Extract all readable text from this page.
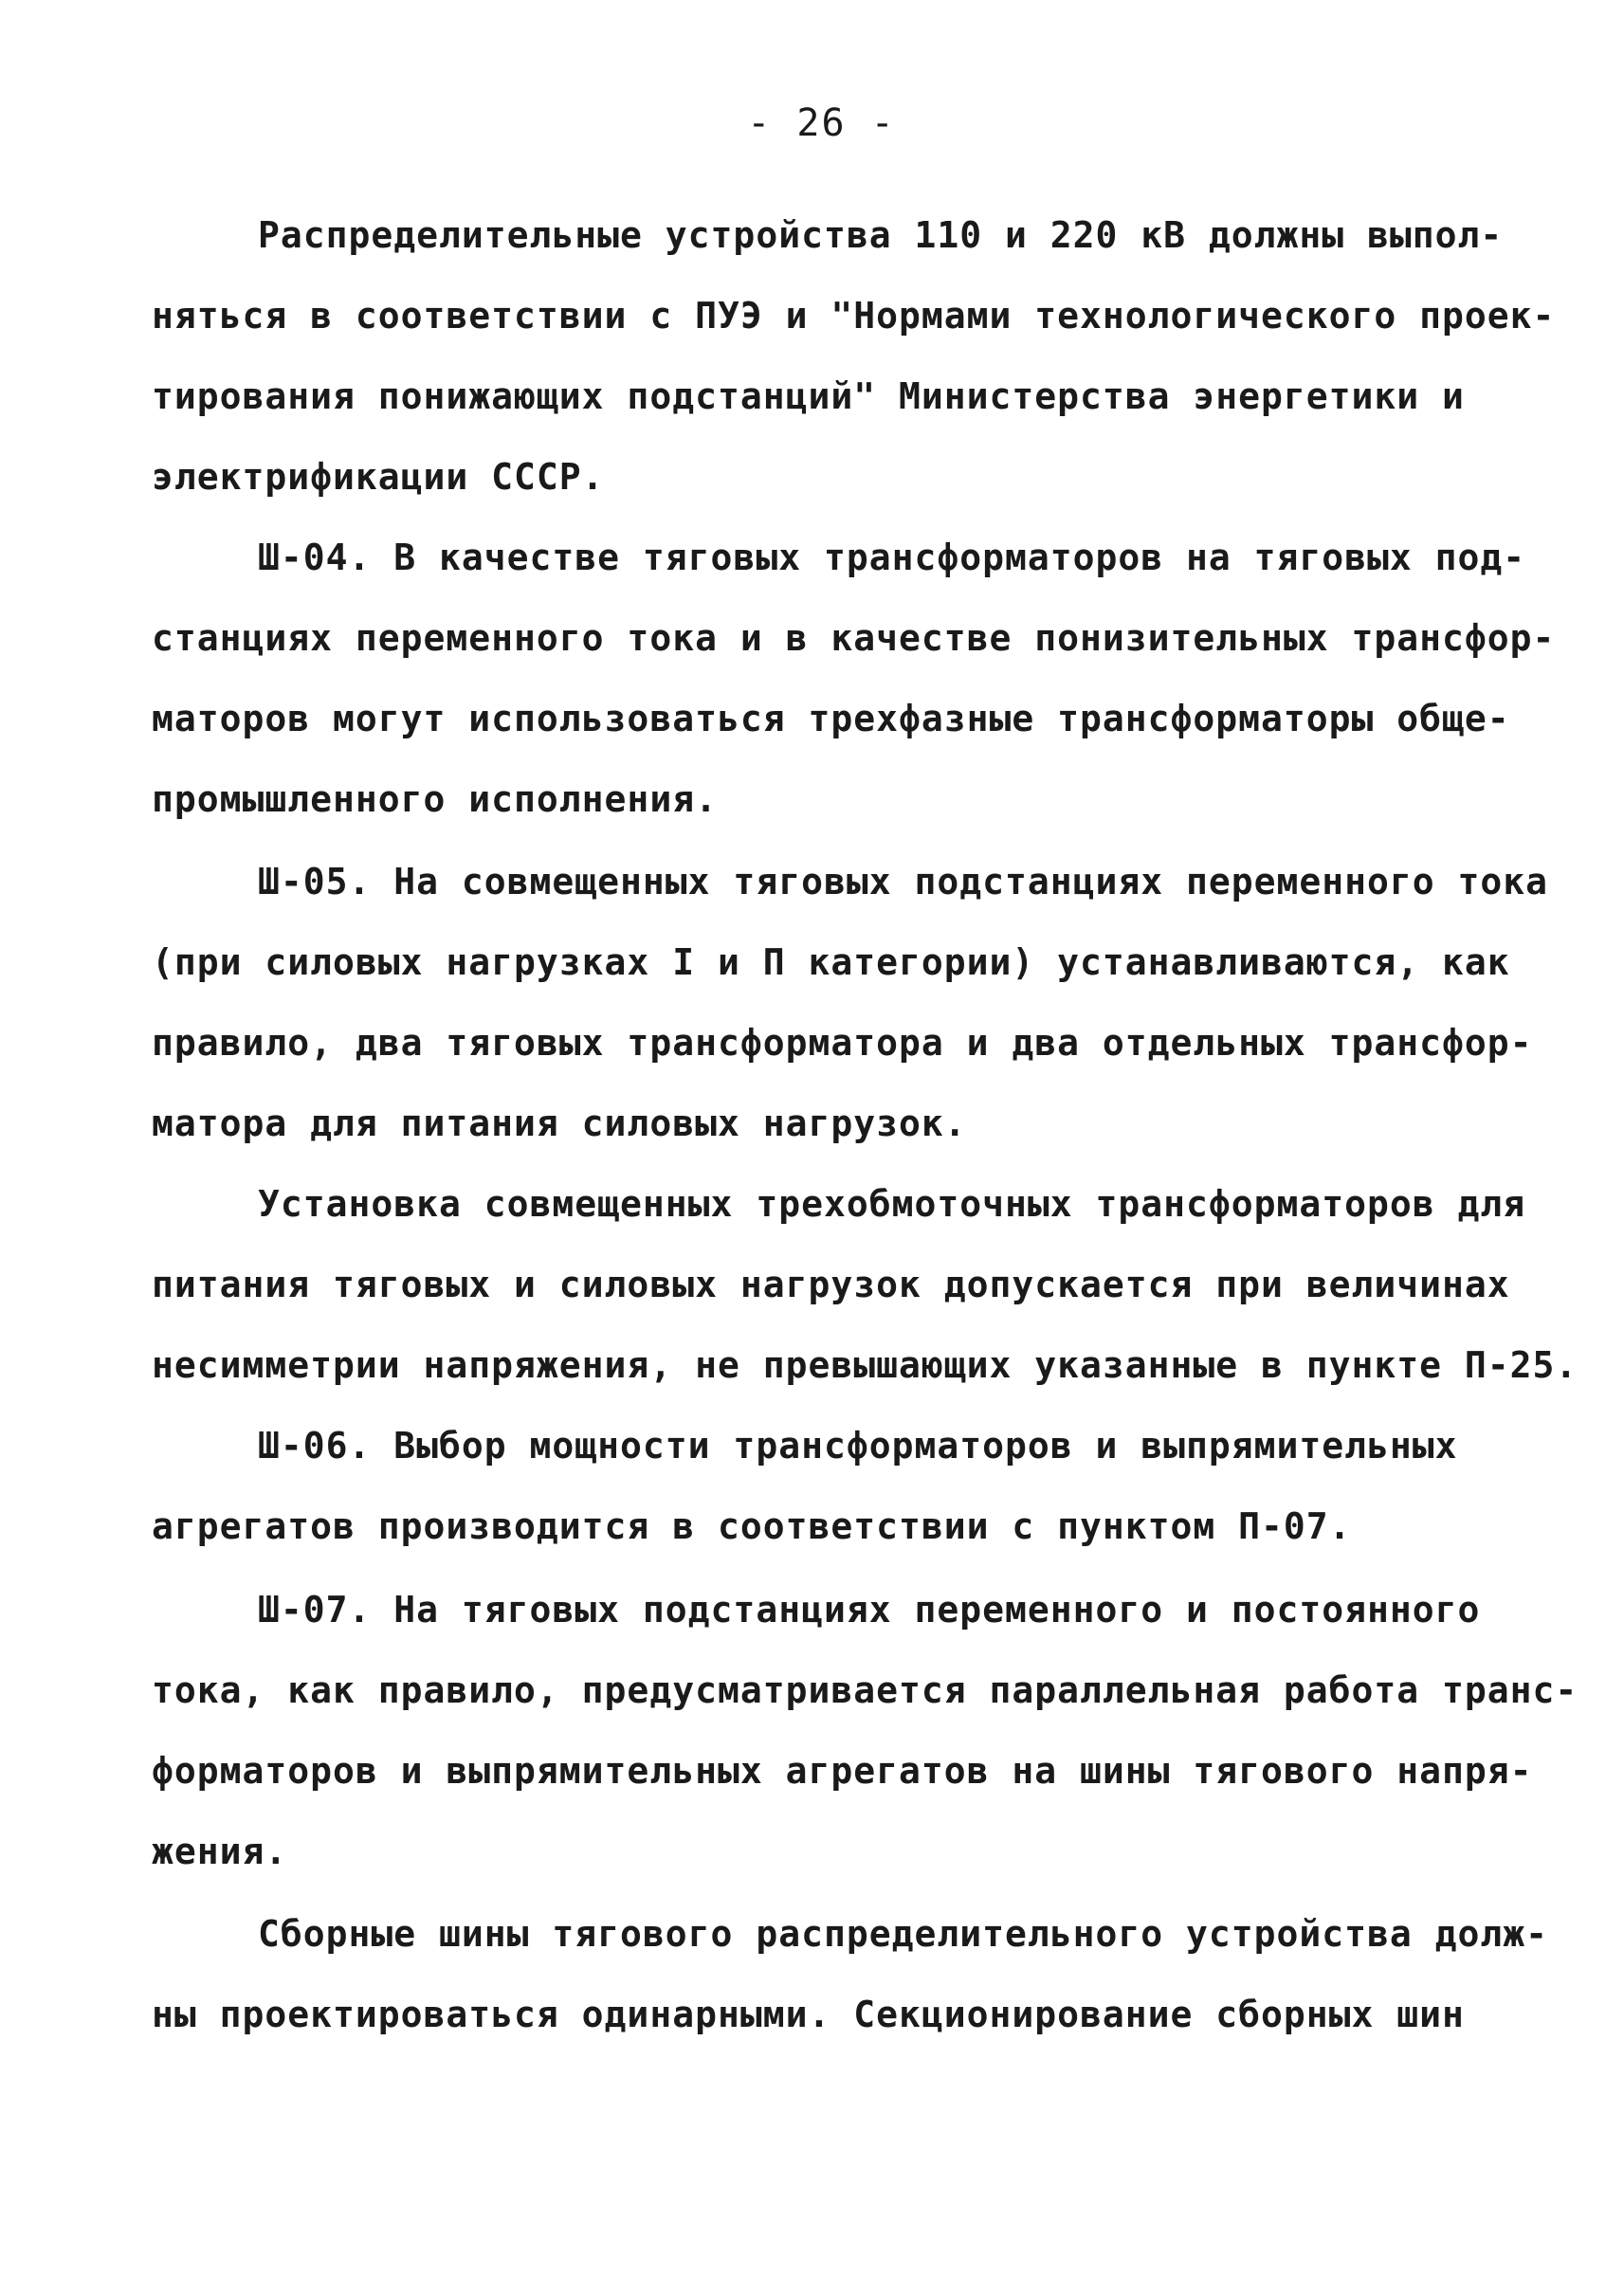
- 26 -
Распределительные устройства 110 и 220 кВ должны выпол-
няться в соответствии с ПУЭ и "Нормами технологического проек-
тирования понижающих подстанций" Министерства энергетики и
электрификации СССР.
Ш-04. В качестве тяговых трансформаторов на тяговых под-
станциях переменного тока и в качестве понизительных трансфор-
маторов могут использоваться трехфазные трансформаторы обще-
промышленного исполнения.
Ш-05. На совмещенных тяговых подстанциях переменного тока
(при силовых нагрузках I и П категории) устанавливаются, как
правило, два тяговых трансформатора и два отдельных трансфор-
матора для питания силовых нагрузок.
Установка совмещенных трехобмоточных трансформаторов для
питания тяговых и силовых нагрузок допускается при величинах
несимметрии напряжения, не превышающих указанные в пункте П-25.
Ш-06. Выбор мощности трансформаторов и выпрямительных
агрегатов производится в соответствии с пунктом П-07.
Ш-07. На тяговых подстанциях переменного и постоянного
тока, как правило, предусматривается параллельная работа транс-
форматоров и выпрямительных агрегатов на шины тягового напря-
жения.
Сборные шины тягового распределительного устройства долж-
ны проектироваться одинарными. Секционирование сборных шин
